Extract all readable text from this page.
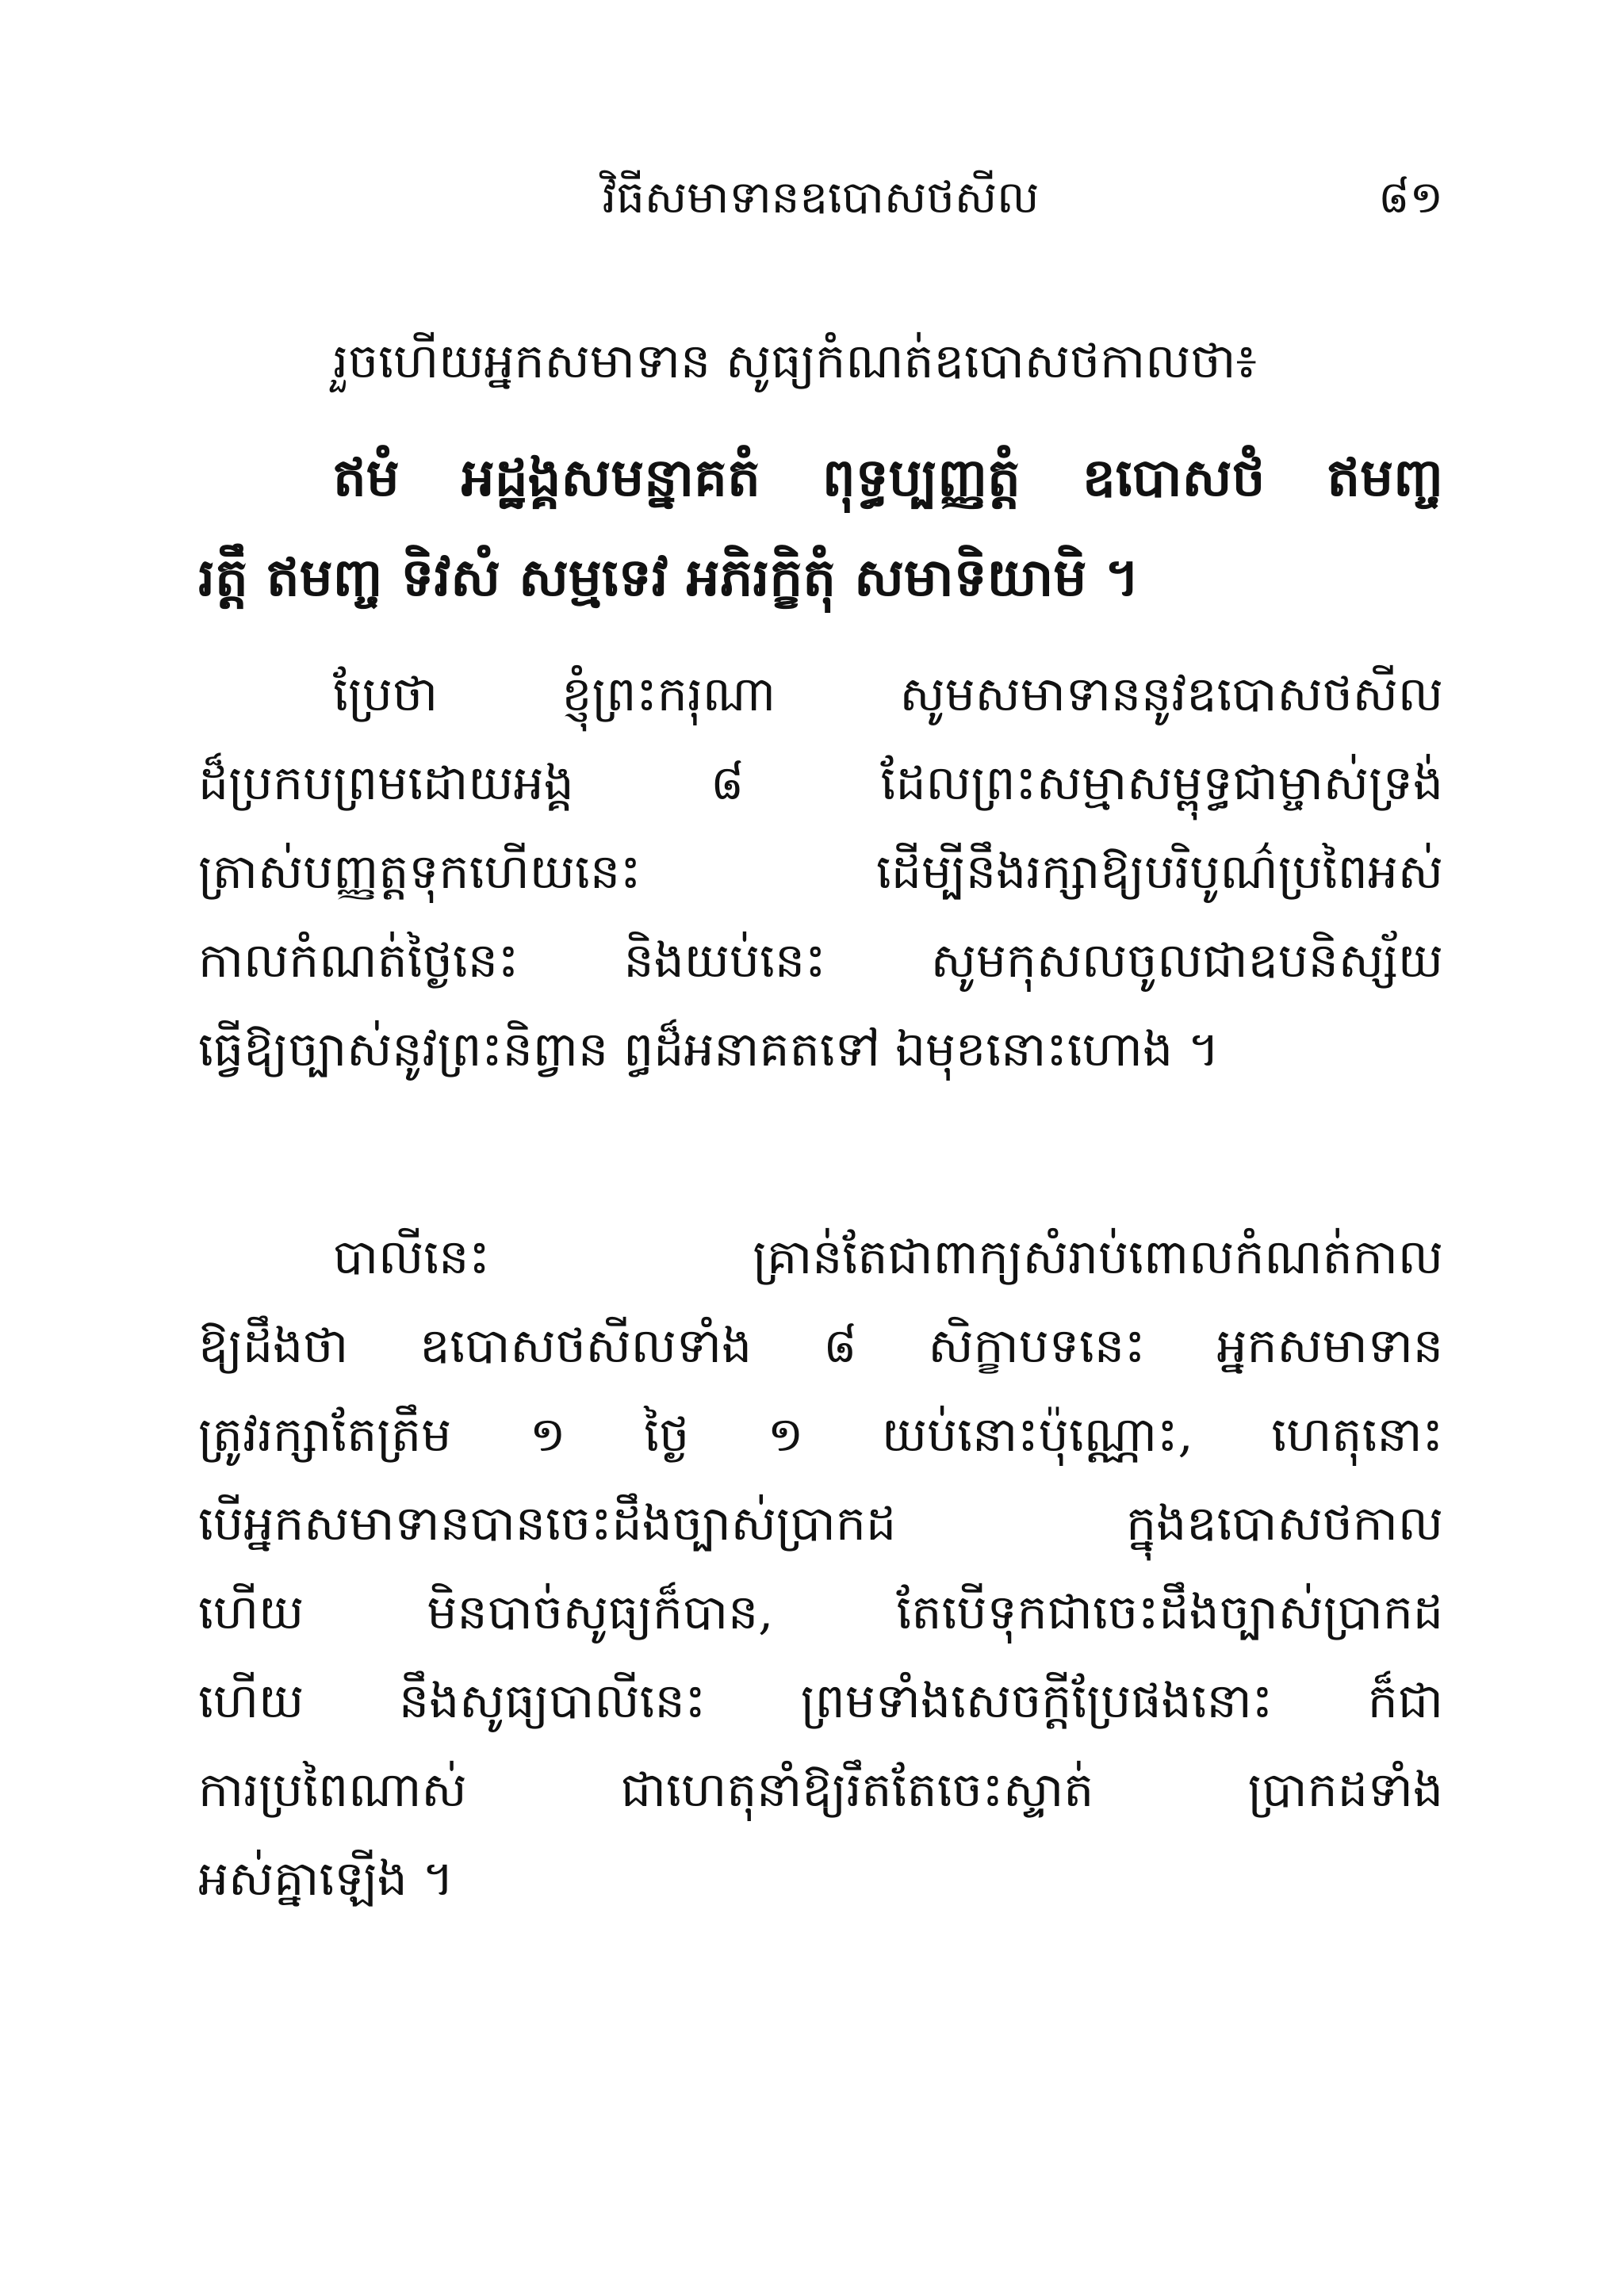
វិធីសមាទានឧបោសថសីល	៨១
រួចហើយអ្នកសមាទាន សូធ្យកំណត់ឧបោសថកាលថា៖
ឥមំ អដ្ឋង្គសមន្នាគតំ ពុទ្ធប្បញ្ញត្តំ ឧបោសថំ ឥមញ្ច
រត្តឹ ឥមញ្ច ទិវសំ សម្មទេវ អភិរក្ខិតុំ សមាទិយាមិ ។
ប្រែថា ខ្ញុំព្រះករុណា សូមសមាទាននូវឧបោសថសីល
ដ៏ប្រកបព្រមដោយអង្គ ៨ ដែលព្រះសម្មាសម្ពុទ្ធជាម្ចាស់ទ្រង់
ត្រាស់បញ្ញត្តទុកហើយនេះ ដើម្បីនឹងរក្សាឱ្យបរិបូណ៌ប្រពៃអស់
កាលកំណត់ថ្ងៃនេះ និងយប់នេះ សូមកុសលចូលជាឧបនិស្ស័យ
ធ្វើឱ្យច្បាស់នូវព្រះនិព្វាន ព្ធដ៏អនាគតទៅ ឯមុខនោះហោង ។
បាលីនេះ គ្រាន់តែជាពាក្យសំរាប់ពោលកំណត់កាល
ឱ្យដឹងថា ឧបោសថសីលទាំង ៨ សិក្ខាបទនេះ អ្នកសមាទាន
ត្រូវរក្សាតែត្រឹម ១ ថ្ងៃ ១ យប់នោះប៉ុណ្ណោះ, ហេតុនោះ
បើអ្នកសមាទានបានចេះដឹងច្បាស់ប្រាកដ ក្នុងឧបោសថកាល
ហើយ មិនបាច់សូធ្យក៏បាន, តែបើទុកជាចេះដឹងច្បាស់ប្រាកដ
ហើយ នឹងសូធ្យបាលីនេះ ព្រមទាំងសេចក្តីប្រែផងនោះ ក៏ជា
ការប្រពៃណាស់ ជាហេតុនាំឱ្យរឹតតែចេះស្ទាត់ ប្រាកដទាំង
អស់គ្នាឡើង ។
